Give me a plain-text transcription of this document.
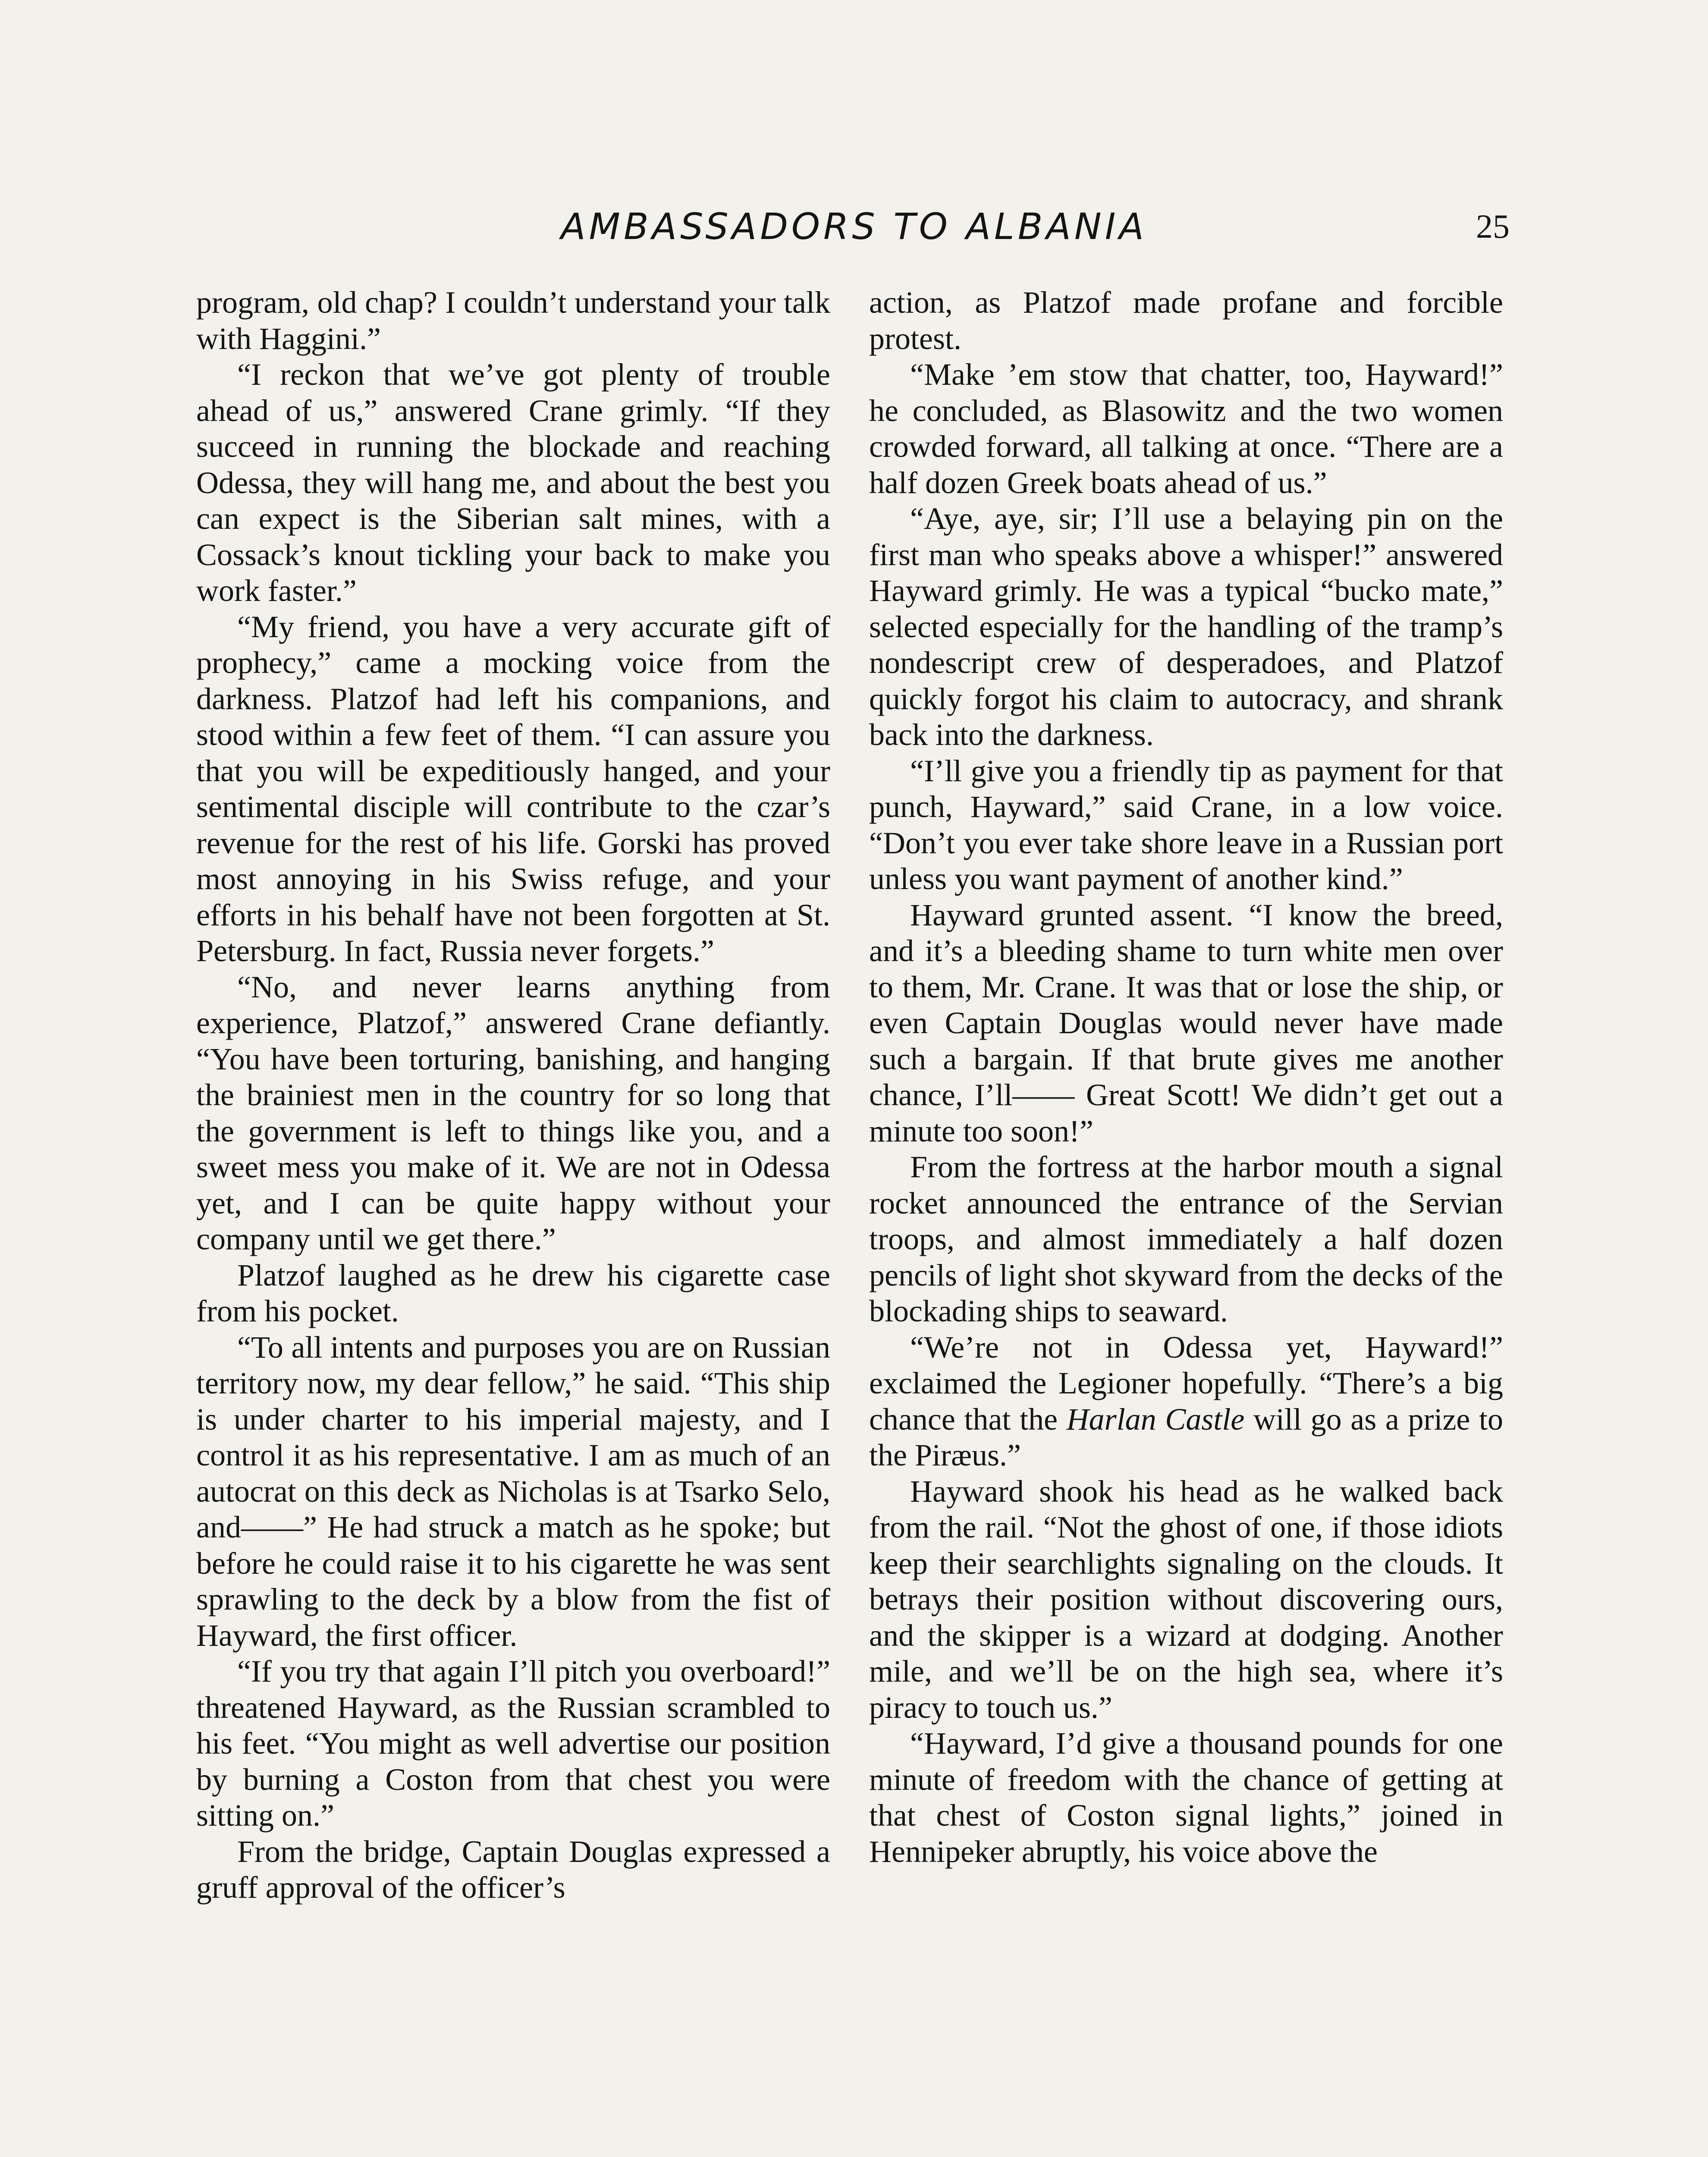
AMBASSADORS TO ALBANIA	25

program, old chap? I couldn’t understand your talk with Haggini.”

“I reckon that we’ve got plenty of trouble ahead of us,” answered Crane grimly. “If they succeed in running the blockade and reaching Odessa, they will hang me, and about the best you can expect is the Siberian salt mines, with a Cossack’s knout tickling your back to make you work faster.”

“My friend, you have a very accurate gift of prophecy,” came a mocking voice from the darkness. Platzof had left his companions, and stood within a few feet of them. “I can assure you that you will be expeditiously hanged, and your sentimental disciple will contribute to the czar’s revenue for the rest of his life. Gorski has proved most annoying in his Swiss refuge, and your efforts in his behalf have not been forgotten at St. Petersburg. In fact, Russia never forgets.”

“No, and never learns anything from experience, Platzof,” answered Crane defiantly. “You have been torturing, banishing, and hanging the brainiest men in the country for so long that the government is left to things like you, and a sweet mess you make of it. We are not in Odessa yet, and I can be quite happy without your company until we get there.”

Platzof laughed as he drew his cigarette case from his pocket.

“To all intents and purposes you are on Russian territory now, my dear fellow,” he said. “This ship is under charter to his imperial majesty, and I control it as his representative. I am as much of an autocrat on this deck as Nicholas is at Tsarko Selo, and——” He had struck a match as he spoke; but before he could raise it to his cigarette he was sent sprawling to the deck by a blow from the fist of Hayward, the first officer.

“If you try that again I’ll pitch you overboard!” threatened Hayward, as the Russian scrambled to his feet. “You might as well advertise our position by burning a Coston from that chest you were sitting on.”

From the bridge, Captain Douglas expressed a gruff approval of the officer’s

action, as Platzof made profane and forcible protest.

“Make ’em stow that chatter, too, Hayward!” he concluded, as Blasowitz and the two women crowded forward, all talking at once. “There are a half dozen Greek boats ahead of us.”

“Aye, aye, sir; I’ll use a belaying pin on the first man who speaks above a whisper!” answered Hayward grimly. He was a typical “bucko mate,” selected especially for the handling of the tramp’s nondescript crew of desperadoes, and Platzof quickly forgot his claim to autocracy, and shrank back into the darkness.

“I’ll give you a friendly tip as payment for that punch, Hayward,” said Crane, in a low voice. “Don’t you ever take shore leave in a Russian port unless you want payment of another kind.”

Hayward grunted assent. “I know the breed, and it’s a bleeding shame to turn white men over to them, Mr. Crane. It was that or lose the ship, or even Captain Douglas would never have made such a bargain. If that brute gives me another chance, I’ll—— Great Scott! We didn’t get out a minute too soon!”

From the fortress at the harbor mouth a signal rocket announced the entrance of the Servian troops, and almost immediately a half dozen pencils of light shot skyward from the decks of the blockading ships to seaward.

“We’re not in Odessa yet, Hayward!” exclaimed the Legioner hopefully. “There’s a big chance that the Harlan Castle will go as a prize to the Piræus.”

Hayward shook his head as he walked back from the rail. “Not the ghost of one, if those idiots keep their searchlights signaling on the clouds. It betrays their position without discovering ours, and the skipper is a wizard at dodging. Another mile, and we’ll be on the high sea, where it’s piracy to touch us.”

“Hayward, I’d give a thousand pounds for one minute of freedom with the chance of getting at that chest of Coston signal lights,” joined in Hennipeker abruptly, his voice above the
